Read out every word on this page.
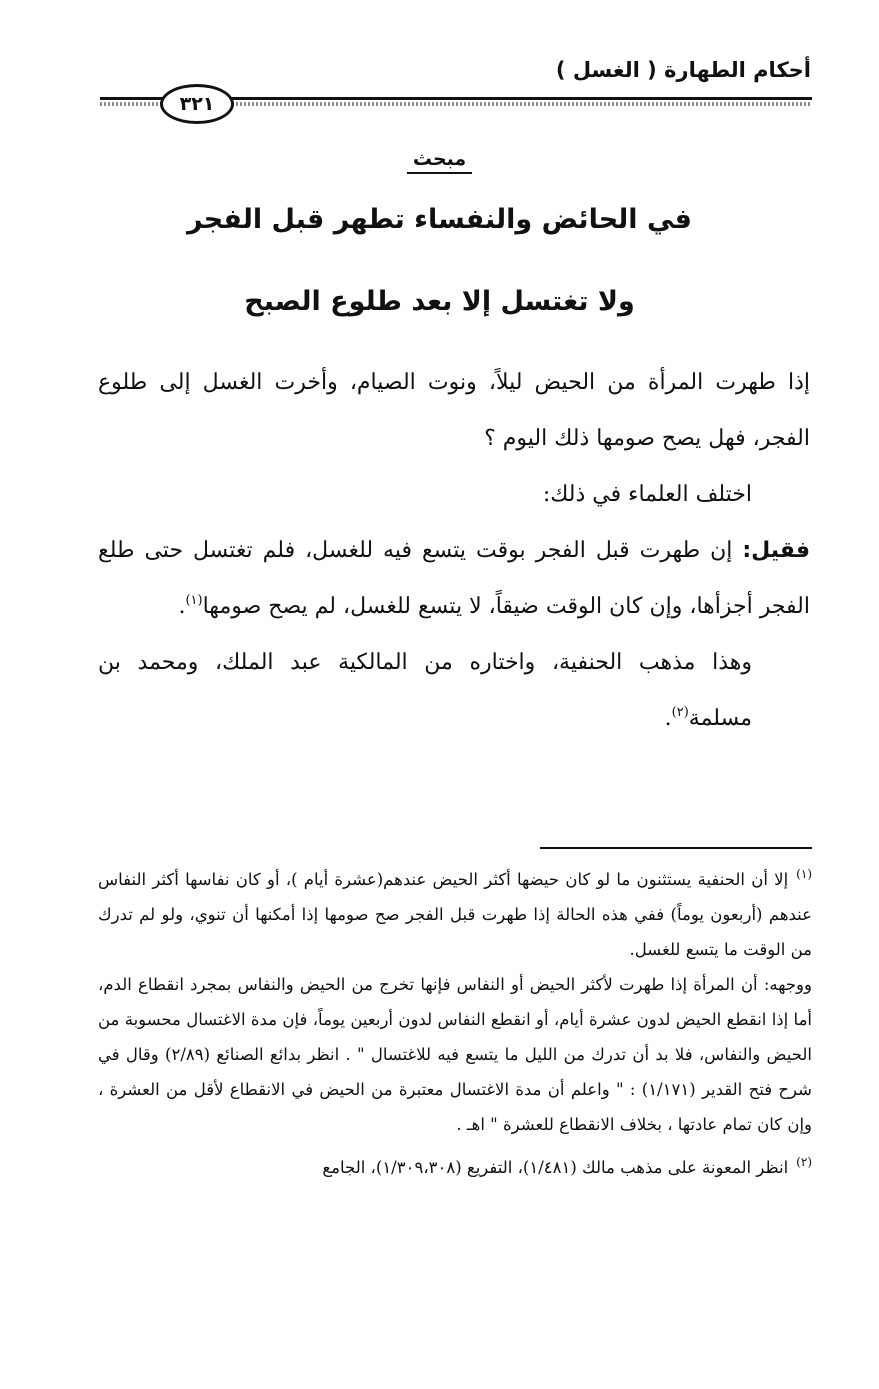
أحكام الطهارة ( الغسل )
٣٢١
مبحث
في الحائض والنفساء تطهر قبل الفجر
ولا تغتسل إلا بعد طلوع الصبح

إذا طهرت المرأة من الحيض ليلاً، ونوت الصيام، وأخرت الغسل إلى طلوع الفجر، فهل يصح صومها ذلك اليوم ؟

اختلف العلماء في ذلك:

فقيل: إن طهرت قبل الفجر بوقت يتسع فيه للغسل، فلم تغتسل حتى طلع الفجر أجزأها، وإن كان الوقت ضيقاً، لا يتسع للغسل، لم يصح صومها$^{(١)}$.

وهذا مذهب الحنفية، واختاره من المالكية عبد الملك، ومحمد بن مسلمة$^{(٢)}$.

$^{(١)}$إلا أن الحنفية يستثنون ما لو كان حيضها أكثر الحيض عندهم(عشرة أيام )، أو كان نفاسها أكثر النفاس عندهم (أربعون يوماً) ففي هذه الحالة إذا طهرت قبل الفجر صح صومها إذا أمكنها أن تنوي، ولو لم تدرك من الوقت ما يتسع للغسل.

ووجهه: أن المرأة إذا طهرت لأكثر الحيض أو النفاس فإنها تخرج من الحيض والنفاس بمجرد انقطاع الدم، أما إذا انقطع الحيض لدون عشرة أيام، أو انقطع النفاس لدون أربعين يوماً، فإن مدة الاغتسال محسوبة من الحيض والنفاس، فلا بد أن تدرك من الليل ما يتسع فيه للاغتسال " . انظر بدائع الصنائع (٢/٨٩) وقال في شرح فتح القدير (١/١٧١) : " واعلم أن مدة الاغتسال معتبرة من الحيض في الانقطاع لأقل من العشرة ، وإن كان تمام عادتها ، بخلاف الانقطاع للعشرة " اهـ .

$^{(٢)}$انظر المعونة على مذهب مالك (١/٤٨١)، التفريع (١/٣٠٩،٣٠٨)، الجامع
